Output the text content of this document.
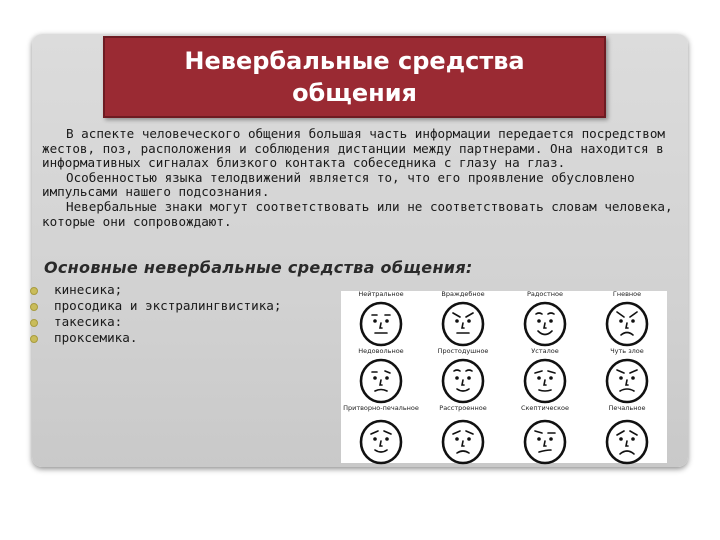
Невербальные средства
общения

В аспекте человеческого общения большая часть информации передается посредством жестов, поз, расположения и соблюдения дистанции между партнерами. Она находится в информативных сигналах близкого контакта собеседника с глазу на глаз.

Особенностью языка телодвижений является то, что его проявление обусловлено импульсами нашего подсознания.

Невербальные знаки могут соответствовать или не соответствовать словам человека, которые они сопровождают.

Основные невербальные средства общения:
кинесика;
просодика и экстралингвистика;
такесика:
проксемика.
Нейтральное	Враждебное	Радостное	Гневное
Недовольное	Простодушное	Усталое	Чуть злое
Притворно-печальное	Расстроенное	Скептическое	Печальное
